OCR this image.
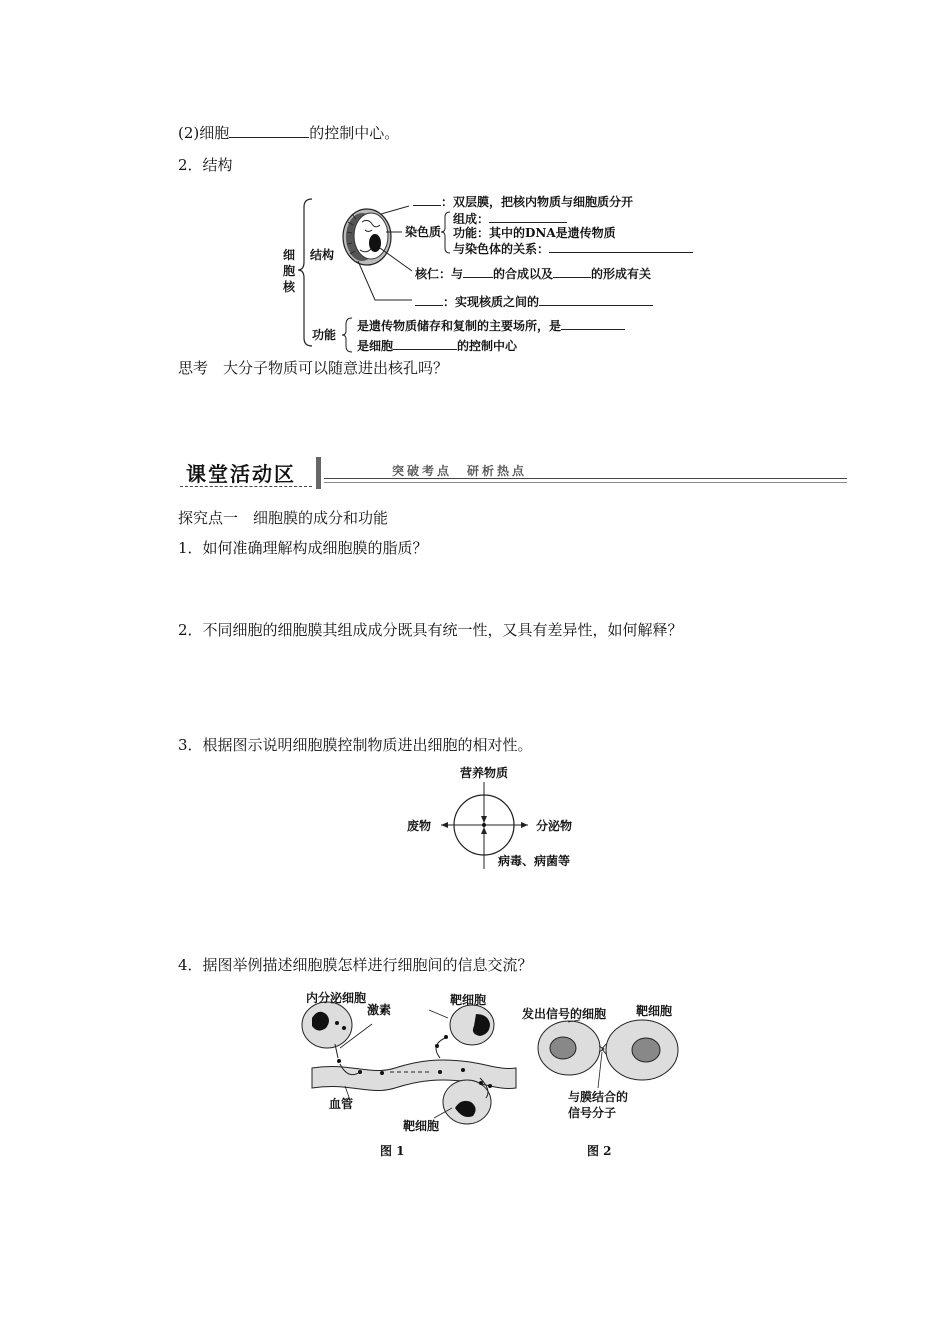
(2)细胞	的控制中心。
2．结构
细
胞
核
结构
功能
：双层膜，把核内物质与细胞质分开
染色质
组成：
功能：其中的DNA是遗传物质
与染色体的关系：
核仁：与	的合成以及	的形成有关
：实现核质之间的
是遗传物质储存和复制的主要场所，是
是细胞	的控制中心
思考　大分子物质可以随意进出核孔吗？
课堂活动区	突破考点　研析热点
探究点一　细胞膜的成分和功能
1．如何准确理解构成细胞膜的脂质？
2．不同细胞的细胞膜其组成成分既具有统一性，又具有差异性，如何解释？
3．根据图示说明细胞膜控制物质进出细胞的相对性。
营养物质
废物	分泌物
病毒、病菌等
4．据图举例描述细胞膜怎样进行细胞间的信息交流？
内分泌细胞
激素
靶细胞
血管
靶细胞
发出信号的细胞 靶细胞
与膜结合的
信号分子
图 1	图 2
